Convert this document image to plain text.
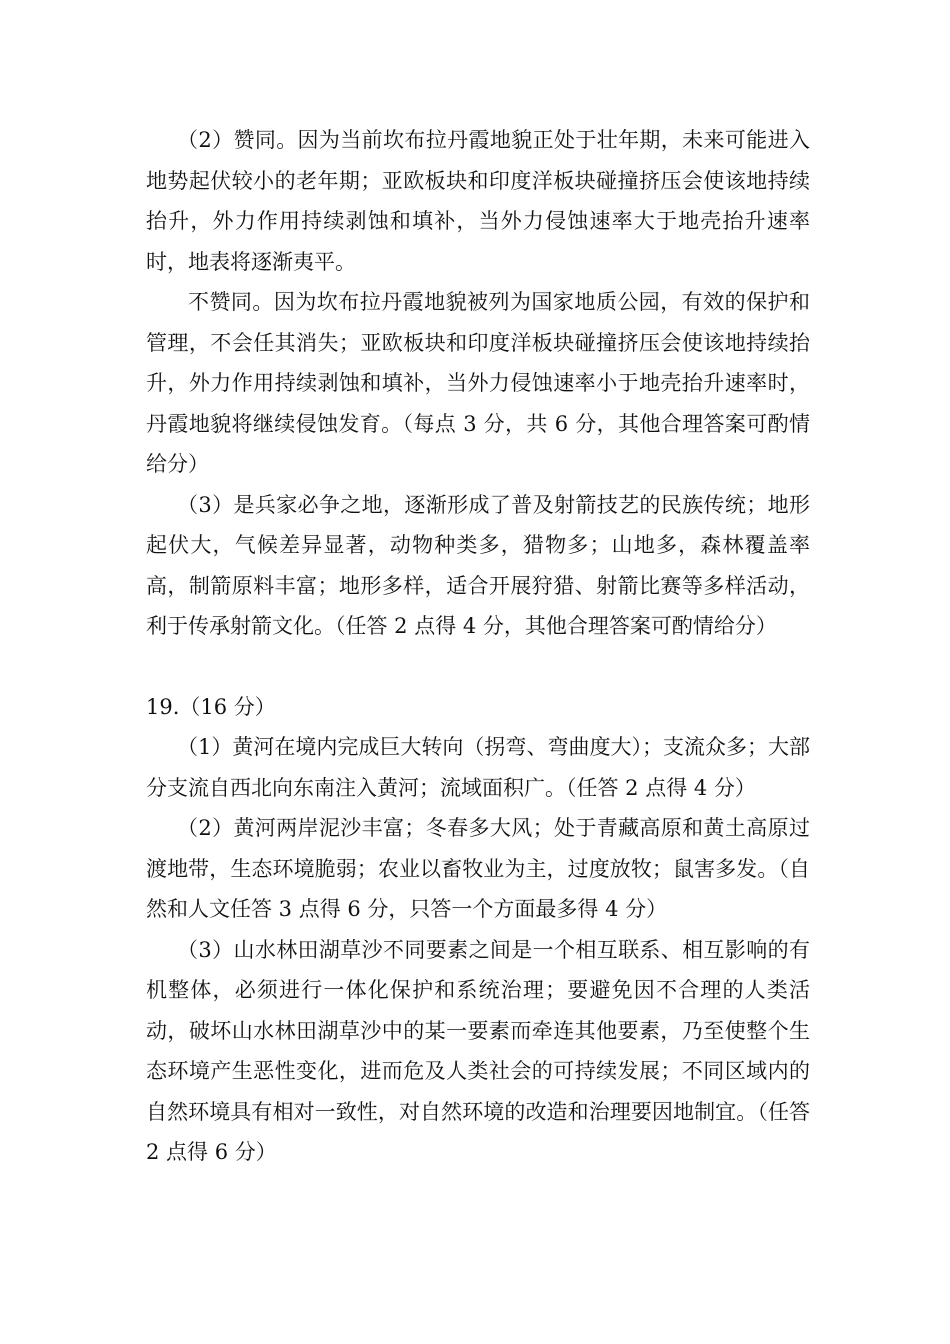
（2）赞同。因为当前坎布拉丹霞地貌正处于壮年期，未来可能进入地势起伏较小的老年期；亚欧板块和印度洋板块碰撞挤压会使该地持续抬升，外力作用持续剥蚀和填补，当外力侵蚀速率大于地壳抬升速率时，地表将逐渐夷平。

不赞同。因为坎布拉丹霞地貌被列为国家地质公园，有效的保护和管理，不会任其消失；亚欧板块和印度洋板块碰撞挤压会使该地持续抬升，外力作用持续剥蚀和填补，当外力侵蚀速率小于地壳抬升速率时，丹霞地貌将继续侵蚀发育。（每点 3 分，共 6 分，其他合理答案可酌情给分）

（3）是兵家必争之地，逐渐形成了普及射箭技艺的民族传统；地形起伏大，气候差异显著，动物种类多，猎物多；山地多，森林覆盖率高，制箭原料丰富；地形多样，适合开展狩猎、射箭比赛等多样活动，利于传承射箭文化。（任答 2 点得 4 分，其他合理答案可酌情给分）

19.（16 分）

（1）黄河在境内完成巨大转向（拐弯、弯曲度大）；支流众多；大部分支流自西北向东南注入黄河；流域面积广。（任答 2 点得 4 分）

（2）黄河两岸泥沙丰富；冬春多大风；处于青藏高原和黄土高原过渡地带，生态环境脆弱；农业以畜牧业为主，过度放牧；鼠害多发。（自然和人文任答 3 点得 6 分，只答一个方面最多得 4 分）

（3）山水林田湖草沙不同要素之间是一个相互联系、相互影响的有机整体，必须进行一体化保护和系统治理；要避免因不合理的人类活动，破坏山水林田湖草沙中的某一要素而牵连其他要素，乃至使整个生态环境产生恶性变化，进而危及人类社会的可持续发展；不同区域内的自然环境具有相对一致性，对自然环境的改造和治理要因地制宜。（任答 2 点得 6 分）
